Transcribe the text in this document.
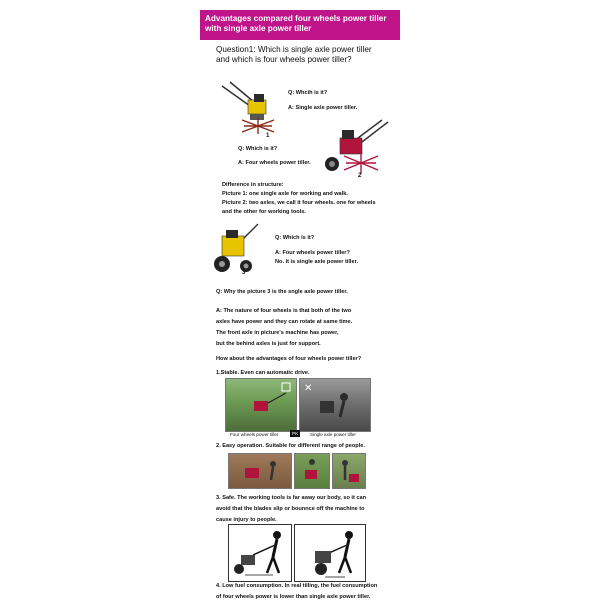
Advantages compared four wheels power tiller
with single axle power tiller
Question1: Which is single axle power tiller
and which is four wheels power tiller?
1
Q: Whcih is it?
A: Single axle power tiller.
2
Q: Which is it?
A: Four wheels power tiller.
Difference in structure:
Picture 1: one single axle for working and walk.
Picture 2: two axles, we call it four wheels. one for wheels
and the other for working tools.
3
Q: Which is it?
A: Four wheels power tiller?
No. it is single axle power tiller.
Q: Why the picture 3 is the sngle axle power tiller.
A: The nature of four wheels is that both of the two
axles have power and they can rotate at same time.
The front axle in picture's machine has power,
but the behind axles is just for support.
How about the advantages of four wheels power tiller?
1.Stable. Even can automatic drive.
✕
Four wheels power tiller	PK	Single axle power tiller
2. Easy operation. Suitable for different range of people.
3. Safe. The working tools is far away our body, so it can
avoid that the blades slip or bounnce off the machine to
cause injury to people.
4. Low fuel consumption. In real tilling, the fuel consumption
of four wheels power is lower than single axle power tiller.
